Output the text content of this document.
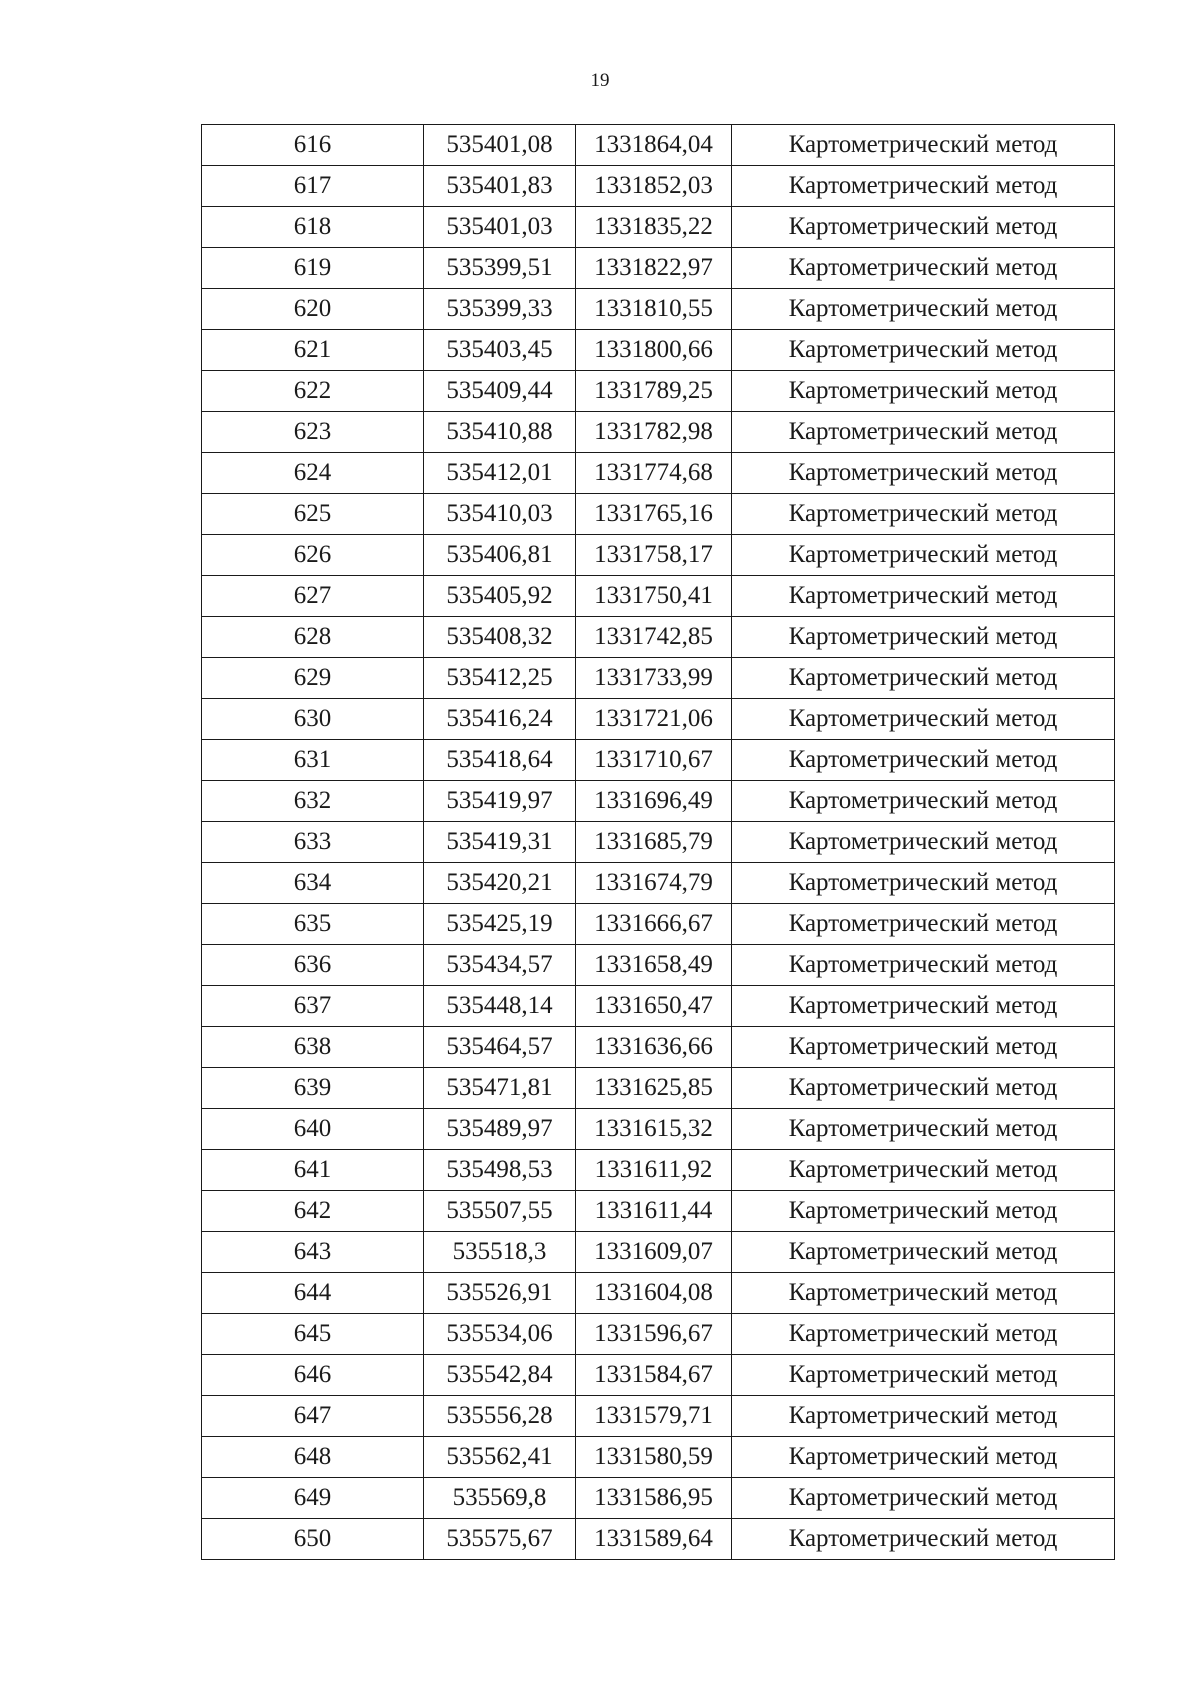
19
616	535401,08	1331864,04	Картометрический метод
617	535401,83	1331852,03	Картометрический метод
618	535401,03	1331835,22	Картометрический метод
619	535399,51	1331822,97	Картометрический метод
620	535399,33	1331810,55	Картометрический метод
621	535403,45	1331800,66	Картометрический метод
622	535409,44	1331789,25	Картометрический метод
623	535410,88	1331782,98	Картометрический метод
624	535412,01	1331774,68	Картометрический метод
625	535410,03	1331765,16	Картометрический метод
626	535406,81	1331758,17	Картометрический метод
627	535405,92	1331750,41	Картометрический метод
628	535408,32	1331742,85	Картометрический метод
629	535412,25	1331733,99	Картометрический метод
630	535416,24	1331721,06	Картометрический метод
631	535418,64	1331710,67	Картометрический метод
632	535419,97	1331696,49	Картометрический метод
633	535419,31	1331685,79	Картометрический метод
634	535420,21	1331674,79	Картометрический метод
635	535425,19	1331666,67	Картометрический метод
636	535434,57	1331658,49	Картометрический метод
637	535448,14	1331650,47	Картометрический метод
638	535464,57	1331636,66	Картометрический метод
639	535471,81	1331625,85	Картометрический метод
640	535489,97	1331615,32	Картометрический метод
641	535498,53	1331611,92	Картометрический метод
642	535507,55	1331611,44	Картометрический метод
643	535518,3	1331609,07	Картометрический метод
644	535526,91	1331604,08	Картометрический метод
645	535534,06	1331596,67	Картометрический метод
646	535542,84	1331584,67	Картометрический метод
647	535556,28	1331579,71	Картометрический метод
648	535562,41	1331580,59	Картометрический метод
649	535569,8	1331586,95	Картометрический метод
650	535575,67	1331589,64	Картометрический метод
